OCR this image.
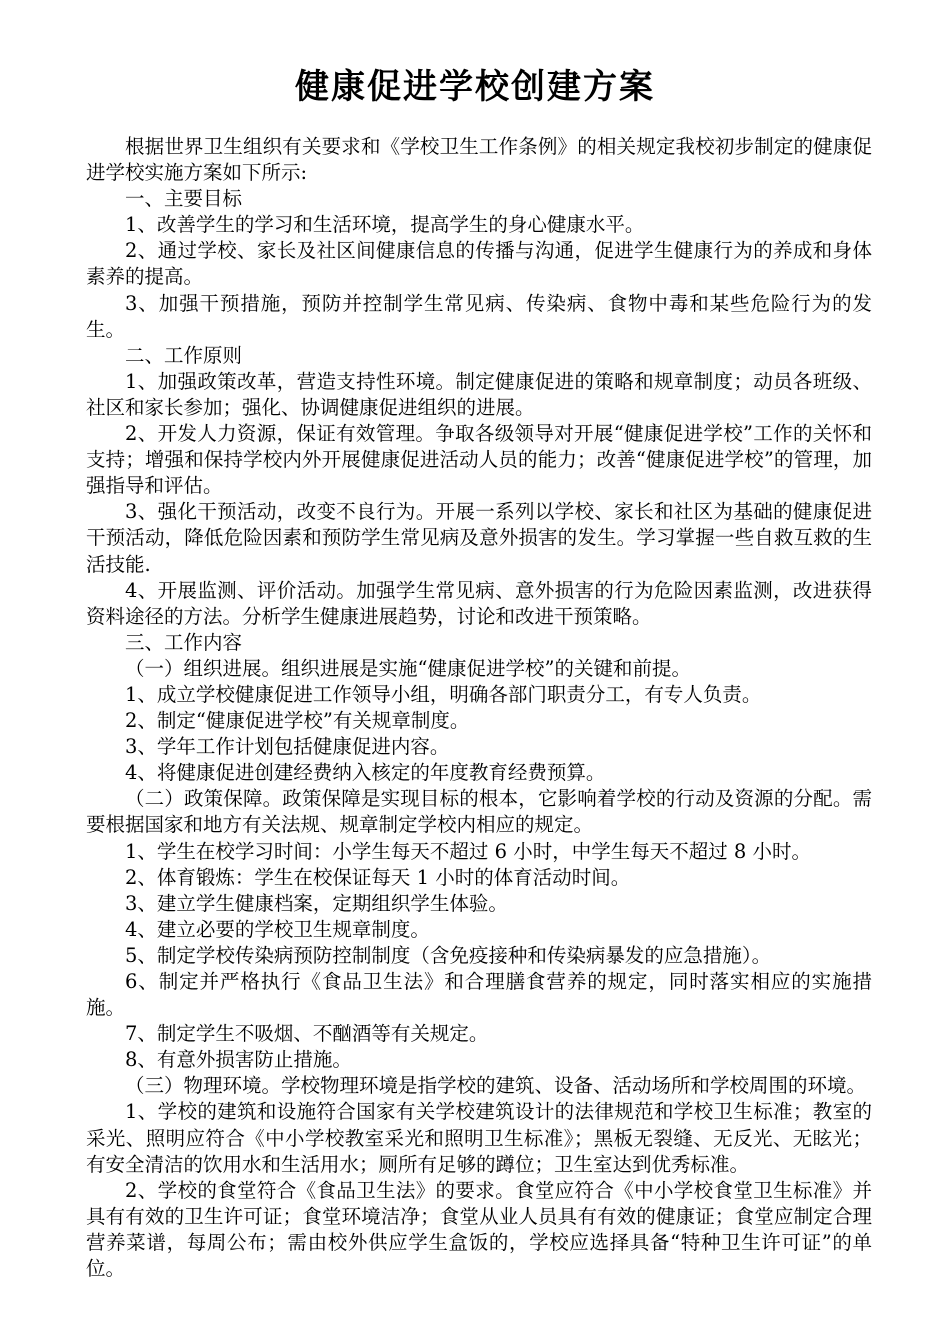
健康促进学校创建方案

根据世界卫生组织有关要求和《学校卫生工作条例》的相关规定我校初步制定的健康促进学校实施方案如下所示:

一、主要目标

1、改善学生的学习和生活环境，提高学生的身心健康水平。

2、通过学校、家长及社区间健康信息的传播与沟通，促进学生健康行为的养成和身体素养的提高。

3、加强干预措施，预防并控制学生常见病、传染病、食物中毒和某些危险行为的发生。

二、工作原则

1、加强政策改革，营造支持性环境。制定健康促进的策略和规章制度；动员各班级、社区和家长参加；强化、协调健康促进组织的进展。

2、开发人力资源，保证有效管理。争取各级领导对开展“健康促进学校”工作的关怀和支持；增强和保持学校内外开展健康促进活动人员的能力；改善“健康促进学校”的管理，加强指导和评估。

3、强化干预活动，改变不良行为。开展一系列以学校、家长和社区为基础的健康促进干预活动，降低危险因素和预防学生常见病及意外损害的发生。学习掌握一些自救互救的生活技能.

4、开展监测、评价活动。加强学生常见病、意外损害的行为危险因素监测，改进获得资料途径的方法。分析学生健康进展趋势，讨论和改进干预策略。

三、工作内容

（一）组织进展。组织进展是实施“健康促进学校”的关键和前提。

1、成立学校健康促进工作领导小组，明确各部门职责分工，有专人负责。

2、制定“健康促进学校”有关规章制度。

3、学年工作计划包括健康促进内容。

4、将健康促进创建经费纳入核定的年度教育经费预算。

（二）政策保障。政策保障是实现目标的根本，它影响着学校的行动及资源的分配。需要根据国家和地方有关法规、规章制定学校内相应的规定。

1、学生在校学习时间：小学生每天不超过 6 小时，中学生每天不超过 8 小时。

2、体育锻炼：学生在校保证每天 1 小时的体育活动时间。

3、建立学生健康档案，定期组织学生体验。

4、建立必要的学校卫生规章制度。

5、制定学校传染病预防控制制度（含免疫接种和传染病暴发的应急措施）。

6、制定并严格执行《食品卫生法》和合理膳食营养的规定，同时落实相应的实施措施。

7、制定学生不吸烟、不酗酒等有关规定。

8、有意外损害防止措施。

（三）物理环境。学校物理环境是指学校的建筑、设备、活动场所和学校周围的环境。

1、学校的建筑和设施符合国家有关学校建筑设计的法律规范和学校卫生标准；教室的采光、照明应符合《中小学校教室采光和照明卫生标准》；黑板无裂缝、无反光、无眩光；有安全清洁的饮用水和生活用水；厕所有足够的蹲位；卫生室达到优秀标准。

2、学校的食堂符合《食品卫生法》的要求。食堂应符合《中小学校食堂卫生标准》并具有有效的卫生许可证；食堂环境洁净；食堂从业人员具有有效的健康证；食堂应制定合理营养菜谱，每周公布；需由校外供应学生盒饭的，学校应选择具备“特种卫生许可证”的单位。
